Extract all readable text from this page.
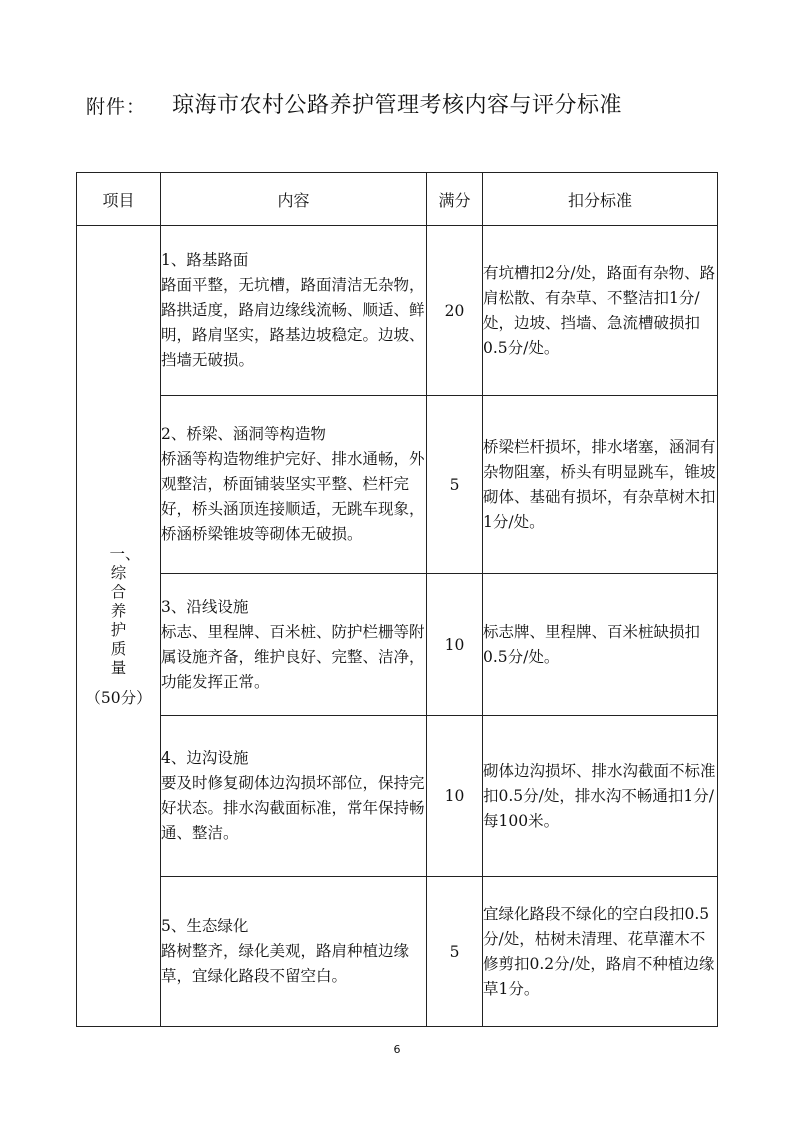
附件： 琼海市农村公路养护管理考核内容与评分标准
项目	内容	满分	扣分标准
一、综合养护质量
（50分）	1、路基路面
路面平整，无坑槽，路面清洁无杂物，路拱适度，路肩边缘线流畅、顺适、鲜明，路肩坚实，路基边坡稳定。边坡、挡墙无破损。	20	有坑槽扣2分/处，路面有杂物、路肩松散、有杂草、不整洁扣1分/处，边坡、挡墙、急流槽破损扣0.5分/处。

	2、桥梁、涵洞等构造物
桥涵等构造物维护完好、排水通畅，外观整洁，桥面铺装坚实平整、栏杆完好，桥头涵顶连接顺适，无跳车现象，桥涵桥梁锥坡等砌体无破损。	5	桥梁栏杆损坏，排水堵塞，涵洞有杂物阻塞，桥头有明显跳车，锥坡砌体、基础有损坏，有杂草树木扣1分/处。

	3、沿线设施
标志、里程牌、百米桩、防护栏栅等附属设施齐备，维护良好、完整、洁净，功能发挥正常。	10	标志牌、里程牌、百米桩缺损扣0.5分/处。

	4、边沟设施
要及时修复砌体边沟损坏部位，保持完好状态。排水沟截面标准，常年保持畅通、整洁。	10	砌体边沟损坏、排水沟截面不标准扣0.5分/处，排水沟不畅通扣1分/每100米。

	5、生态绿化
路树整齐，绿化美观，路肩种植边缘草，宜绿化路段不留空白。	5	宜绿化路段不绿化的空白段扣0.5分/处，枯树未清理、花草灌木不修剪扣0.2分/处，路肩不种植边缘草1分。
6
